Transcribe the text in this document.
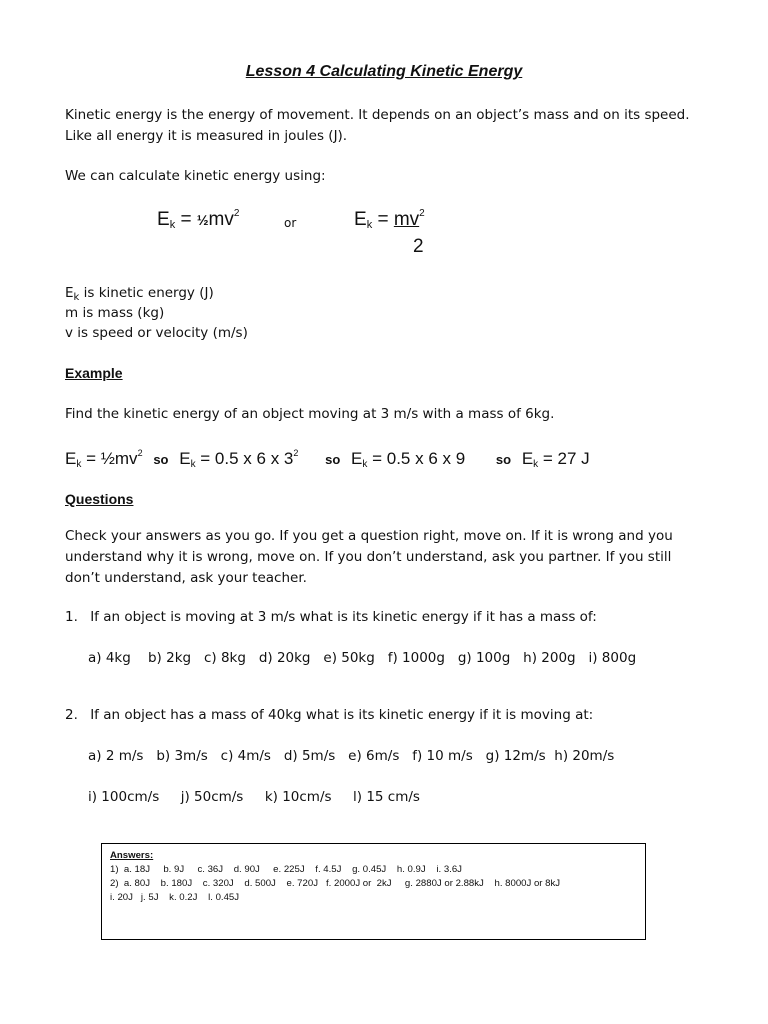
Lesson 4 Calculating Kinetic Energy
Kinetic energy is the energy of movement. It depends on an object’s mass and on its speed. Like all energy it is measured in joules (J).
We can calculate kinetic energy using:
$E_k$ = $\frac{1}{2}mv^2$
or	$E_k = mv^2$
2
$E_k$ is kinetic energy (J)
m is mass (kg)
v is speed or velocity (m/s)
Example
Find the kinetic energy of an object moving at 3 m/s with a mass of 6kg.
$E_k$ = $\frac{1}{2}mv^2$ so $E_k = 0.5$ x 6 x $3^2$ so $E_k = 0.5$ x 6 x 9 so $E_k = 27$ J
Questions
Check your answers as you go. If you get a question right, move on. If it is wrong and you understand why it is wrong, move on. If you don’t understand, ask you partner. If you still don’t understand, ask your teacher.
1. If an object is moving at 3 m/s what is its kinetic energy if it has a mass of:
a) 4kg b) 2kg c) 8kg d) 20kg e) 50kg f) 1000g g) 100g h) 200g i) 800g
2. If an object has a mass of 40kg what is its kinetic energy if it is moving at:
a) 2 m/s b) 3m/s c) 4m/s d) 5m/s e) 6m/s f) 10 m/s g) 12m/s h) 20m/s
i) 100cm/s j) 50cm/s k) 10cm/s l) 15 cm/s
Answers:
1)  a. 18J     b. 9J     c. 36J    d. 90J     e. 225J    f. 4.5J    g. 0.45J    h. 0.9J    i. 3.6J
2)  a. 80J    b. 180J    c. 320J    d. 500J    e. 720J   f. 2000J or  2kJ     g. 2880J or 2.88kJ    h. 8000J or 8kJ
i. 20J   j. 5J    k. 0.2J    l. 0.45J
